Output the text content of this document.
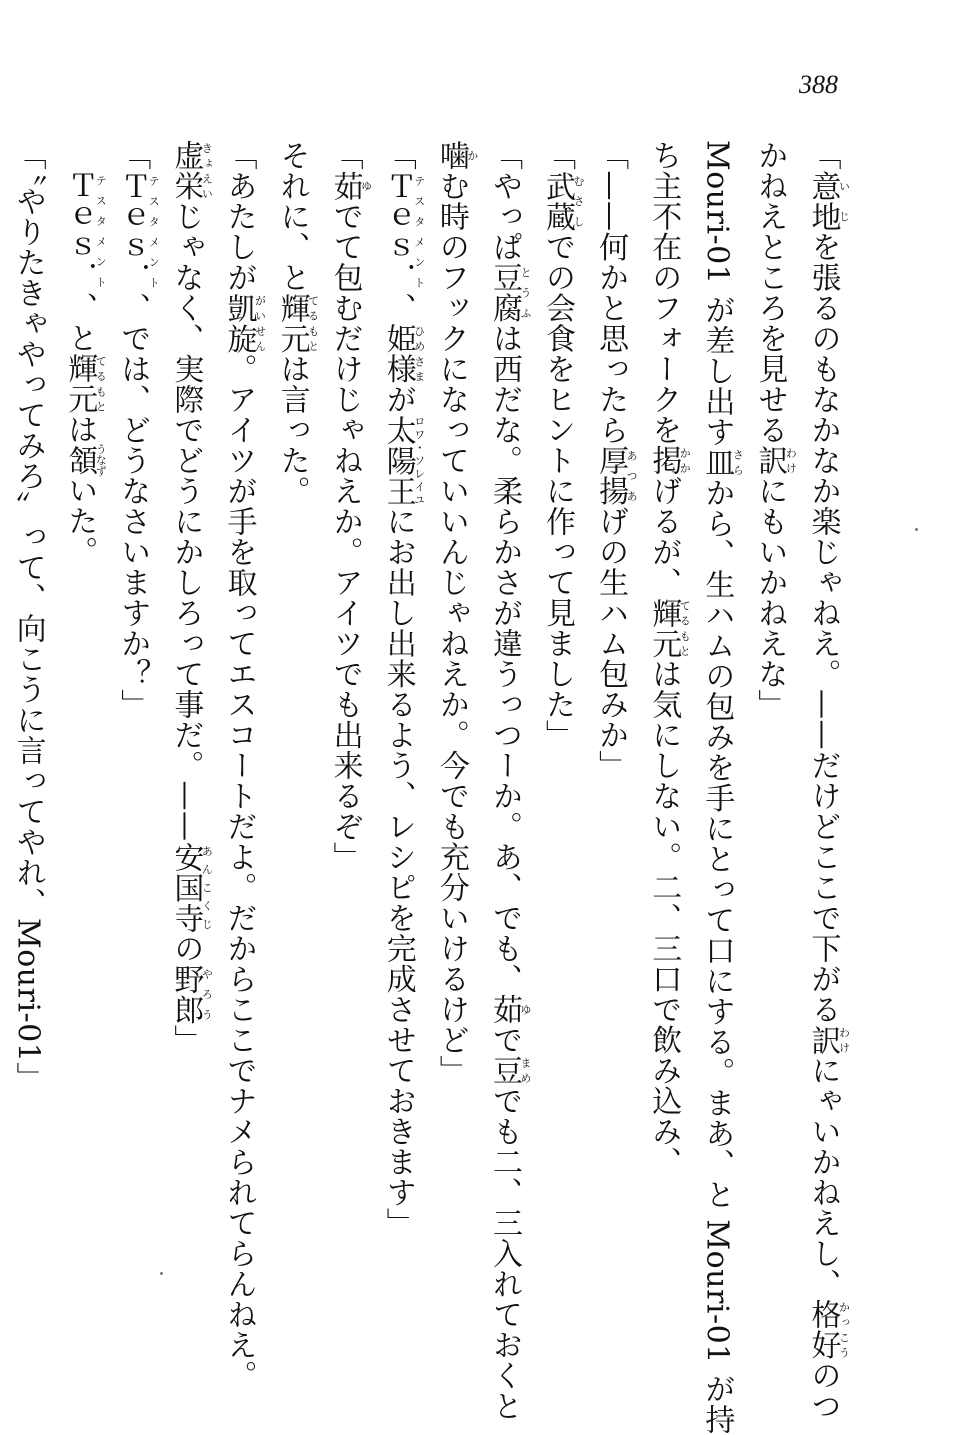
388
「意地いじを張るのもなかなか楽じゃねえ。——だけどここで下がる訳わけにゃいかねえし、格好かっこうのつ
かねえところを見せる訳わけにもいかねえな」
Mouri-01 が差し出す皿さらから、生ハムの包みを手にとって口にする。まあ、と Mouri-01 が持
ち主不在のフォークを掲かかげるが、輝元てるもとは気にしない。二、三口で飲み込み、
「——何かと思ったら厚揚あつあげの生ハム包みか」
「武蔵むさしでの会食をヒントに作って見ました」
「やっぱ豆腐とうふは西だな。柔らかさが違うっつーか。あ、でも、茹ゆで豆まめでも二、三入れておくと
噛かむ時のフックになっていいんじゃねえか。今でも充分いけるけど」
「Ｔｅｓ．テスタメント、姫様ひめさまが太陽王ロワ・ソレイユにお出し出来るよう、レシピを完成させておきます」
「茹ゆでて包むだけじゃねえか。アイツでも出来るぞ」
それに、と輝元てるもとは言った。
「あたしが凱旋がいせん。アイツが手を取ってエスコートだよ。だからここでナメられてらんねえ。
虚栄きょえいじゃなく、実際でどうにかしろって事だ。——安国寺あんこくじの野郎やろう」
「Ｔｅｓ．テスタメント、では、どうなさいますか？」
Ｔｅｓ．テスタメント、と輝元てるもとは頷うなずいた。
「〝やりたきゃやってみろ〟って、向こうに言ってやれ、Mouri-01」
